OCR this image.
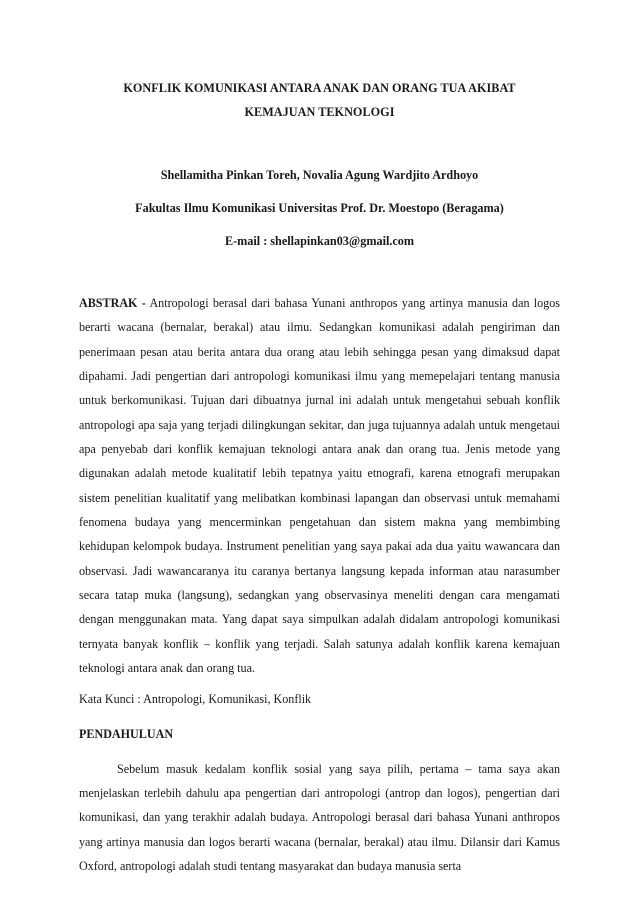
KONFLIK KOMUNIKASI ANTARA ANAK DAN ORANG TUA AKIBAT
KEMAJUAN TEKNOLOGI
Shellamitha Pinkan Toreh, Novalia Agung Wardjito Ardhoyo
Fakultas Ilmu Komunikasi Universitas Prof. Dr. Moestopo (Beragama)
E-mail : shellapinkan03@gmail.com

ABSTRAK - Antropologi berasal dari bahasa Yunani anthropos yang artinya manusia dan logos berarti wacana (bernalar, berakal) atau ilmu. Sedangkan komunikasi adalah pengiriman dan penerimaan pesan atau berita antara dua orang atau lebih sehingga pesan yang dimaksud dapat dipahami. Jadi pengertian dari antropologi komunikasi ilmu yang memepelajari tentang manusia untuk berkomunikasi. Tujuan dari dibuatnya jurnal ini adalah untuk mengetahui sebuah konflik antropologi apa saja yang terjadi dilingkungan sekitar, dan juga tujuannya adalah untuk mengetaui apa penyebab dari konflik kemajuan teknologi antara anak dan orang tua. Jenis metode yang digunakan adalah metode kualitatif lebih tepatnya yaitu etnografi, karena etnografi merupakan sistem penelitian kualitatif yang melibatkan kombinasi lapangan dan observasi untuk memahami fenomena budaya yang mencerminkan pengetahuan dan sistem makna yang membimbing kehidupan kelompok budaya. Instrument penelitian yang saya pakai ada dua yaitu wawancara dan observasi. Jadi wawancaranya itu caranya bertanya langsung kepada informan atau narasumber secara tatap muka (langsung), sedangkan yang observasinya meneliti dengan cara mengamati dengan menggunakan mata. Yang dapat saya simpulkan adalah didalam antropologi komunikasi ternyata banyak konflik – konflik yang terjadi. Salah satunya adalah konflik karena kemajuan teknologi antara anak dan orang tua.

Kata Kunci : Antropologi, Komunikasi, Konflik

PENDAHULUAN

Sebelum masuk kedalam konflik sosial yang saya pilih, pertama – tama saya akan menjelaskan terlebih dahulu apa pengertian dari antropologi (antrop dan logos), pengertian dari komunikasi, dan yang terakhir adalah budaya. Antropologi berasal dari bahasa Yunani anthropos yang artinya manusia dan logos berarti wacana (bernalar, berakal) atau ilmu. Dilansir dari Kamus Oxford, antropologi adalah studi tentang masyarakat dan budaya manusia serta
